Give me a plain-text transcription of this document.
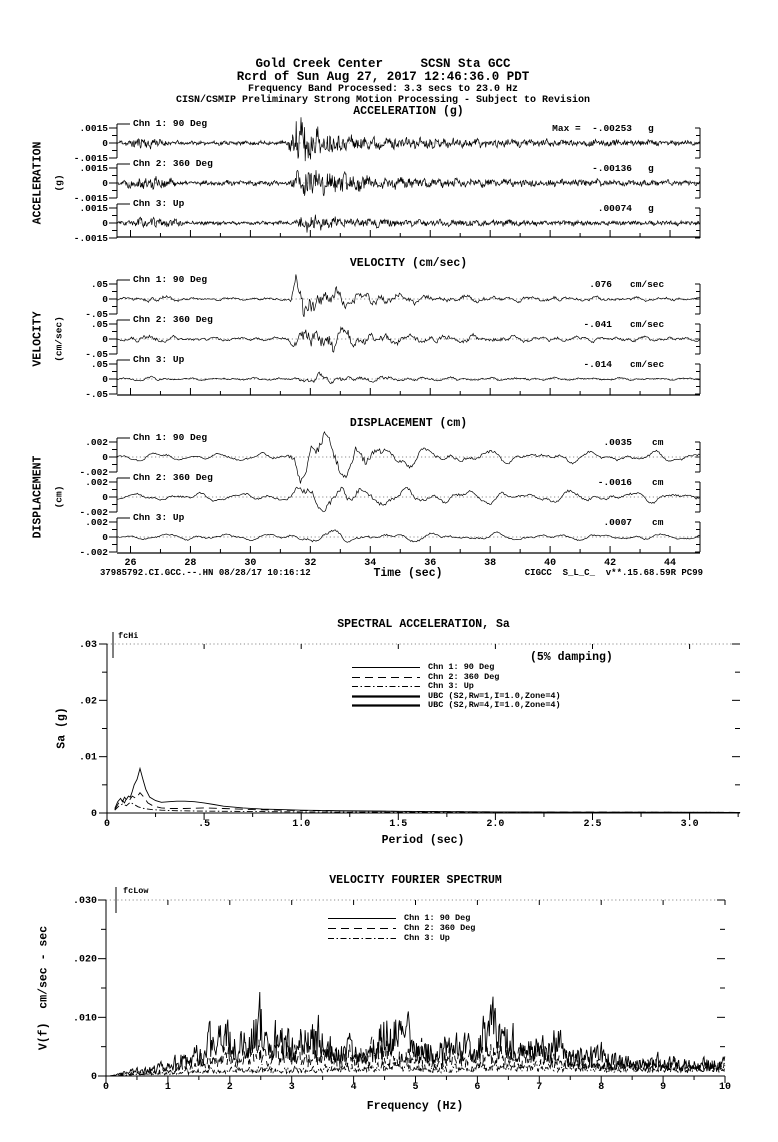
.0015
0
-.0015
.0015
0
-.0015
.0015
0
-.0015
.05
0
-.05
.05
0
-.05
.05
0
-.05
.002
0
-.002
.002
0
-.002
.002
0
-.002
26	28	30	32	34	36	38	40	42	44
.03
.02
.01
0
0	.5	1.0	1.5	2.0	2.5	3.0
.030
.020
.010
0
0	1	2	3	4	5	6	7	8	9	10
Gold Creek Center     SCSN Sta GCC
Rcrd of Sun Aug 27, 2017 12:46:36.0 PDT
Frequency Band Processed: 3.3 secs to 23.0 Hz
CISN/CSMIP Preliminary Strong Motion Processing - Subject to Revision
ACCELERATION (g)
VELOCITY (cm/sec)
DISPLACEMENT (cm)
ACCELERATION (g)
VELOCITY (cm/sec)
DISPLACEMENT (cm)
Chn 1: 90 Deg
Chn 2: 360 Deg
Chn 3: Up
Chn 1: 90 Deg
Chn 2: 360 Deg
Chn 3: Up
Chn 1: 90 Deg
Chn 2: 360 Deg
Chn 3: Up
Max =  -.00253 g
-.00136 g
.00074 g
.076 cm/sec
-.041 cm/sec
-.014 cm/sec
.0035 cm
-.0016 cm
.0007 cm
Time (sec)
37985792.CI.GCC.--.HN 08/28/17 10:16:12	CIGCC  S_L_C_  v**.15.68.59R PC99
SPECTRAL ACCELERATION, Sa
fcHi
(5% damping)
Chn 1: 90 Deg
Chn 2: 360 Deg
Chn 3: Up
UBC (S2,Rw=1,I=1.0,Zone=4)
UBC (S2,Rw=4,I=1.0,Zone=4)
Sa (g)
Period (sec)
VELOCITY FOURIER SPECTRUM
fcLow
Chn 1: 90 Deg
Chn 2: 360 Deg
Chn 3: Up
V(f)  cm/sec - sec
Frequency (Hz)
